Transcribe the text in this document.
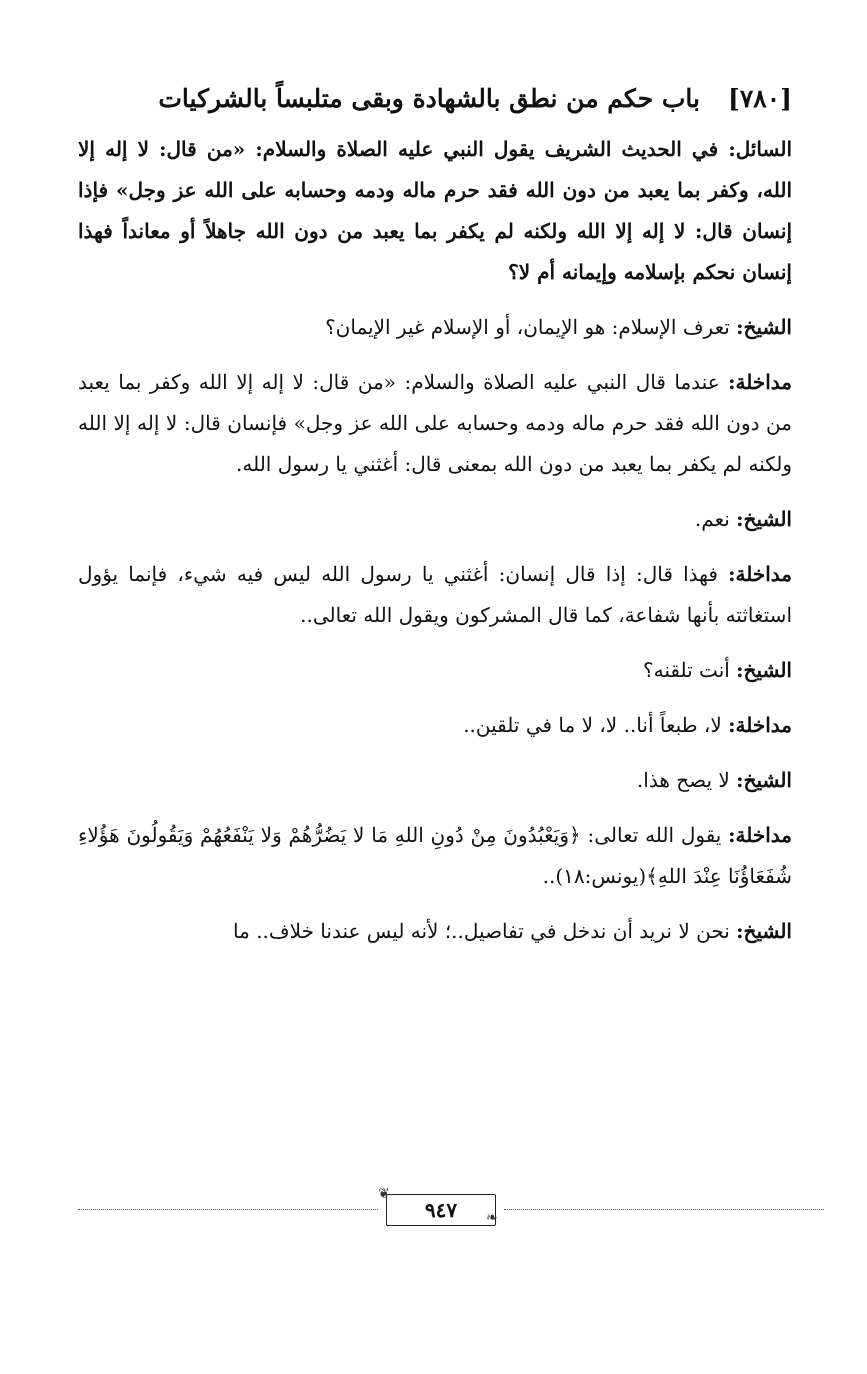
[٧٨٠]
باب حكم من نطق بالشهادة وبقى متلبساً بالشركيات

السائل: في الحديث الشريف يقول النبي عليه الصلاة والسلام: «من قال: لا إله إلا الله، وكفر بما يعبد من دون الله فقد حرم ماله ودمه وحسابه على الله عز وجل» فإذا إنسان قال: لا إله إلا الله ولكنه لم يكفر بما يعبد من دون الله جاهلاً أو معانداً فهذا إنسان نحكم بإسلامه وإيمانه أم لا؟

الشيخ: تعرف الإسلام: هو الإيمان، أو الإسلام غير الإيمان؟

مداخلة: عندما قال النبي عليه الصلاة والسلام: «من قال: لا إله إلا الله وكفر بما يعبد من دون الله فقد حرم ماله ودمه وحسابه على الله عز وجل» فإنسان قال: لا إله إلا الله ولكنه لم يكفر بما يعبد من دون الله بمعنى قال: أغثني يا رسول الله.

الشيخ: نعم.

مداخلة: فهذا قال: إذا قال إنسان: أغثني يا رسول الله ليس فيه شيء، فإنما يؤول استغاثته بأنها شفاعة، كما قال المشركون ويقول الله تعالى..

الشيخ: أنت تلقنه؟

مداخلة: لا، طبعاً أنا.. لا، لا ما في تلقين..

الشيخ: لا يصح هذا.

مداخلة: يقول الله تعالى: ﴿وَيَعْبُدُونَ مِنْ دُونِ اللهِ مَا لا يَضُرُّهُمْ وَلا يَنْفَعُهُمْ وَيَقُولُونَ هَؤُلاءِ شُفَعَاؤُنَا عِنْدَ اللهِ﴾(يونس:١٨)..

الشيخ: نحن لا نريد أن ندخل في تفاصيل..؛ لأنه ليس عندنا خلاف.. ما

❦
٩٤٧ ❧
